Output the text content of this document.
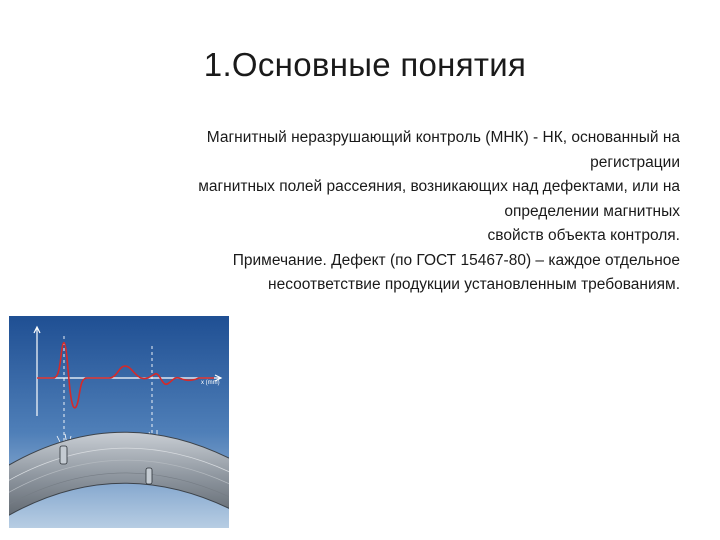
1.Основные понятия
Магнитный неразрушающий контроль (МНК) - НК, основанный на
регистрации
магнитных полей рассеяния, возникающих над дефектами, или на
определении магнитных
свойств объекта контроля.
Примечание. Дефект (по ГОСТ 15467-80) – каждое отдельное
несоответствие продукции установленным требованиям.
x (mm)
